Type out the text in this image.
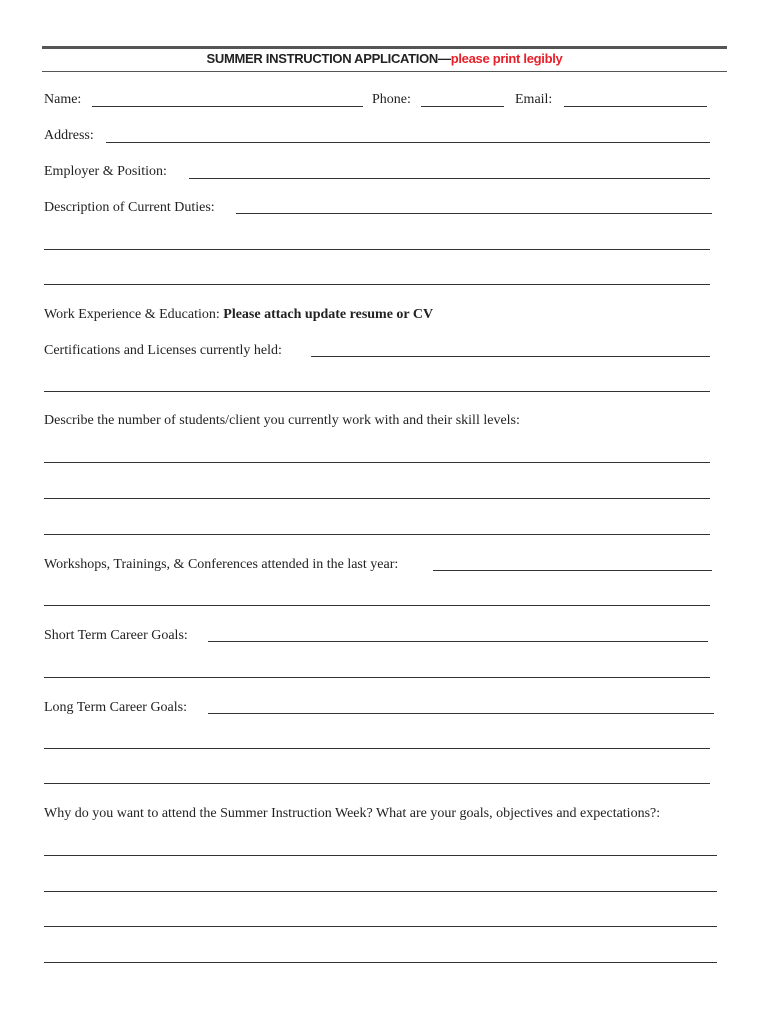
SUMMER INSTRUCTION APPLICATION—please print legibly
Name:	Phone:	Email:
Address:
Employer & Position:
Description of Current Duties:
Work Experience & Education: Please attach update resume or CV
Certifications and Licenses currently held:
Describe the number of students/client you currently work with and their skill levels:
Workshops, Trainings, & Conferences attended in the last year:
Short Term Career Goals:
Long Term Career Goals:
Why do you want to attend the Summer Instruction Week? What are your goals, objectives and expectations?:
